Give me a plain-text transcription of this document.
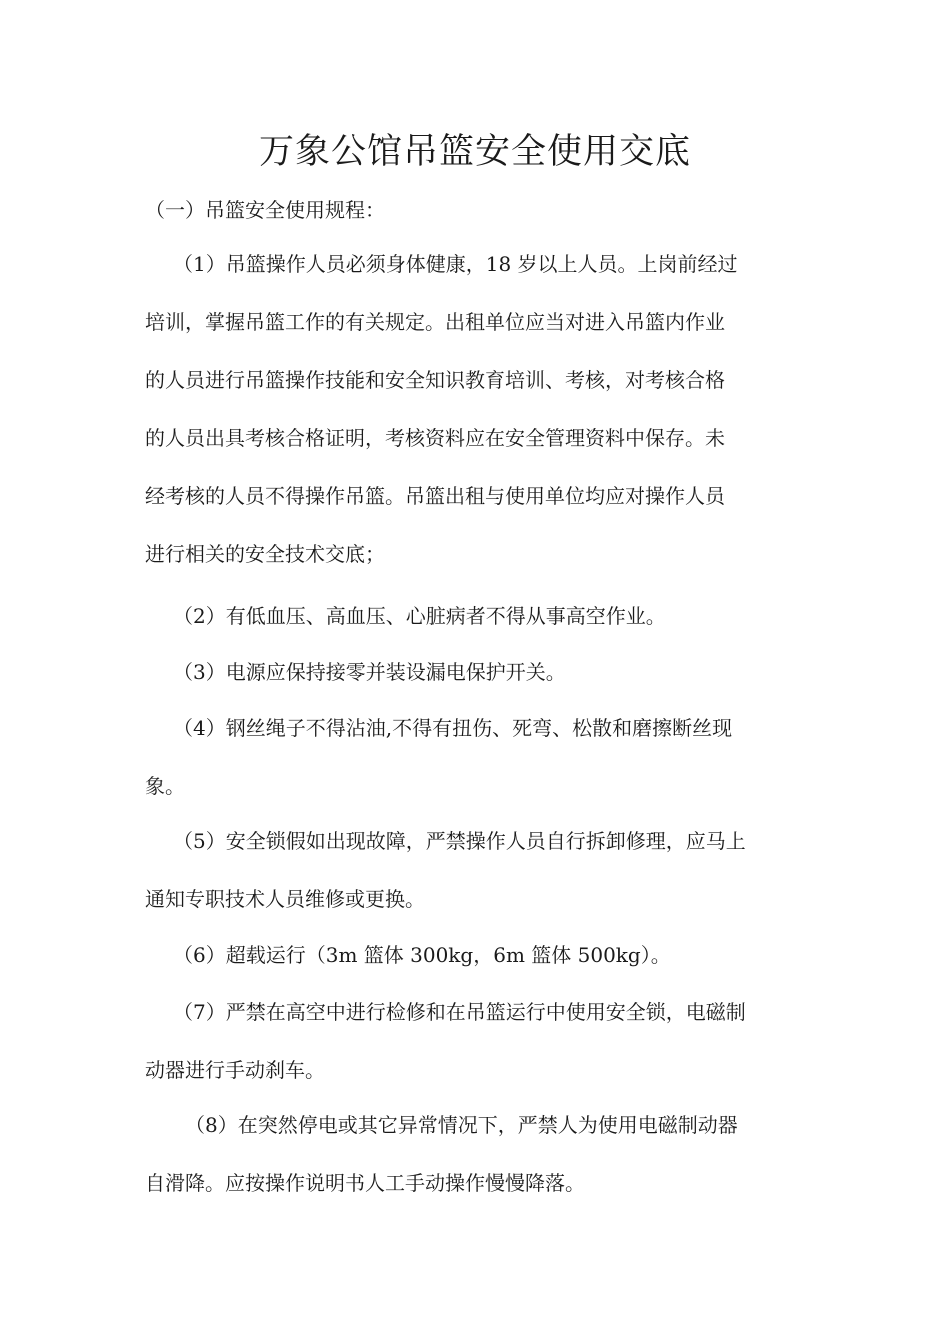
万象公馆吊篮安全使用交底

（一）吊篮安全使用规程：

（1）吊篮操作人员必须身体健康，18 岁以上人员。上岗前经过
培训，掌握吊篮工作的有关规定。出租单位应当对进入吊篮内作业
的人员进行吊篮操作技能和安全知识教育培训、考核，对考核合格
的人员出具考核合格证明，考核资料应在安全管理资料中保存。未
经考核的人员不得操作吊篮。吊篮出租与使用单位均应对操作人员
进行相关的安全技术交底；

（2）有低血压、高血压、心脏病者不得从事高空作业。

（3）电源应保持接零并装设漏电保护开关。

（4）钢丝绳子不得沾油,不得有扭伤、死弯、松散和磨擦断丝现
象。

（5）安全锁假如出现故障，严禁操作人员自行拆卸修理，应马上
通知专职技术人员维修或更换。

（6）超载运行（3m 篮体 300kg，6m 篮体 500kg）。

（7）严禁在高空中进行检修和在吊篮运行中使用安全锁，电磁制
动器进行手动刹车。

（8）在突然停电或其它异常情况下，严禁人为使用电磁制动器
自滑降。应按操作说明书人工手动操作慢慢降落。
